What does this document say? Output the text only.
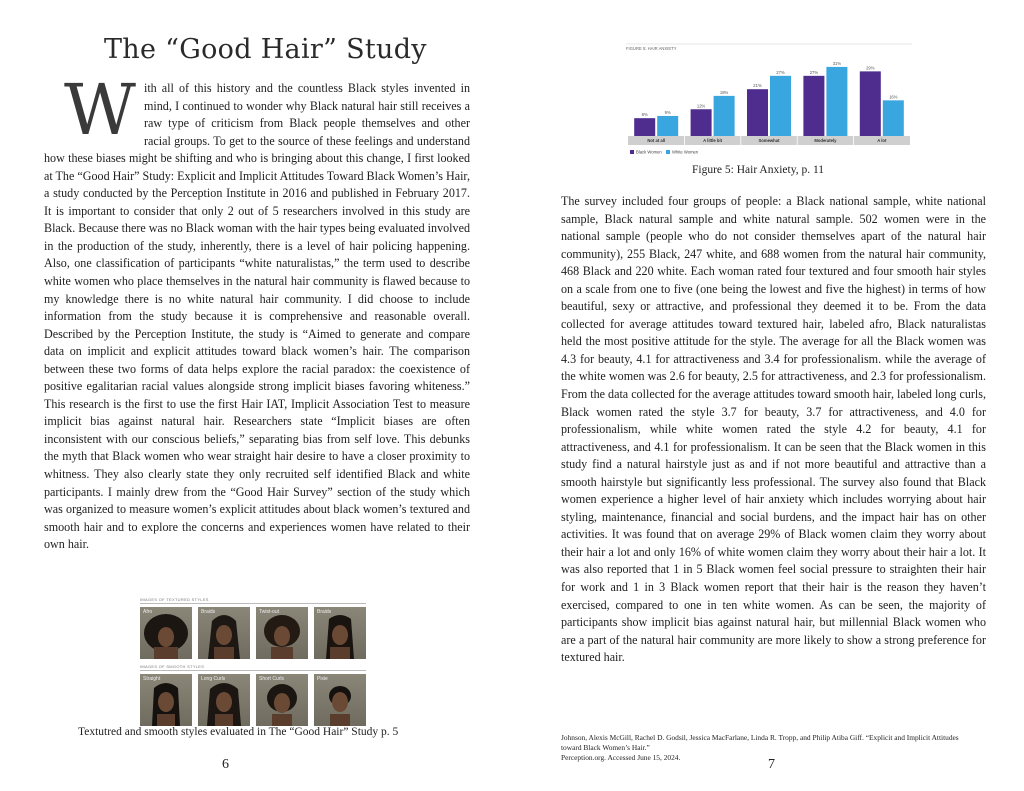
The “Good Hair” Study
With all of this history and the countless Black styles invented in mind, I continued to wonder why Black natural hair still receives a raw type of criticism from Black people themselves and other racial groups. To get to the source of these feelings and understand how these biases might be shifting and who is bringing about this change, I first looked at The “Good Hair” Study: Explicit and Implicit Attitudes Toward Black Women’s Hair, a study conducted by the Perception Institute in 2016 and published in February 2017. It is important to consider that only 2 out of 5 researchers involved in this study are Black. Because there was no Black woman with the hair types being evaluated involved in the production of the study, inherently, there is a level of hair policing happening. Also, one classification of participants “white naturalistas,” the term used to describe white women who place themselves in the natural hair community is flawed because to my knowledge there is no white natural hair community. I did choose to include information from the study because it is comprehensive and reasonable overall. Described by the Perception Institute, the study is “Aimed to generate and compare data on implicit and explicit attitudes toward black women’s hair. The comparison between these two forms of data helps explore the racial paradox: the coexistence of positive egalitarian racial values alongside strong implicit biases favoring whiteness.” This research is the first to use the first Hair IAT, Implicit Association Test to measure implicit bias against natural hair. Researchers state “Implicit biases are often inconsistent with our conscious beliefs,” separating bias from self love. This debunks the myth that Black women who wear straight hair desire to have a closer proximity to whitness. They also clearly state they only recruited self identified Black and white participants. I mainly drew from the “Good Hair Survey” section of the study which was organized to measure women’s explicit attitudes about black women’s textured and smooth hair and to explore the concerns and experiences women have related to their own hair.
IMAGES OF TEXTURED STYLES
Afro	Braids	Twist-out	Braids
IMAGES OF SMOOTH STYLES
Straight	Long Curls	Short Curls	Pixie
Textutred and smooth styles evaluated in The “Good Hair” Study p. 5
6
FIGURE 5: HAIR ANXIETY
8%	9%
12%
18%
21%
27%	27%
31%
29%
16%
Not at all	A little bit	Somewhat	Moderately	A lot
Black Women White Women
Figure 5: Hair Anxiety, p. 11
The survey included four groups of people: a Black national sample, white national sample, Black natural sample and white natural sample. 502 women were in the national sample (people who do not consider themselves apart of the natural hair community), 255 Black, 247 white, and 688 women from the natural hair community, 468 Black and 220 white. Each woman rated four textured and four smooth hair styles on a scale from one to five (one being the lowest and five the highest) in terms of how beautiful, sexy or attractive, and professional they deemed it to be. From the data collected for average attitudes toward textured hair, labeled afro, Black naturalistas held the most positive attitude for the style. The average for all the Black women was 4.3 for beauty, 4.1 for attractiveness and 3.4 for professionalism. while the average of the white women was 2.6 for beauty, 2.5 for attractiveness, and 2.3 for professionalism. From the data collected for the average attitudes toward smooth hair, labeled long curls, Black women rated the style 3.7 for beauty, 3.7 for attractiveness, and 4.0 for professionalism, while white women rated the style 4.2 for beauty, 4.1 for attractiveness, and 4.1 for professionalism. It can be seen that the Black women in this study find a natural hairstyle just as and if not more beautiful and attractive than a smooth hairstyle but significantly less professional. The survey also found that Black women experience a higher level of hair anxiety which includes worrying about hair styling, maintenance, financial and social burdens, and the impact hair has on other activities. It was found that on average 29% of Black women claim they worry about their hair a lot and only 16% of white women claim they worry about their hair a lot. It was also reported that 1 in 5 Black women feel social pressure to straighten their hair for work and 1 in 3 Black women report that their hair is the reason they haven’t exercised, compared to one in ten white women. As can be seen, the majority of participants show implicit bias against natural hair, but millennial Black women who are a part of the natural hair community are more likely to show a strong preference for textured hair.
Johnson, Alexis McGill, Rachel D. Godsil, Jessica MacFarlane, Linda R. Tropp, and Philip Atiba Giff. “Explicit and Implicit Attitudes toward Black Women’s Hair.”
Perception.org. Accessed June 15, 2024.	7
